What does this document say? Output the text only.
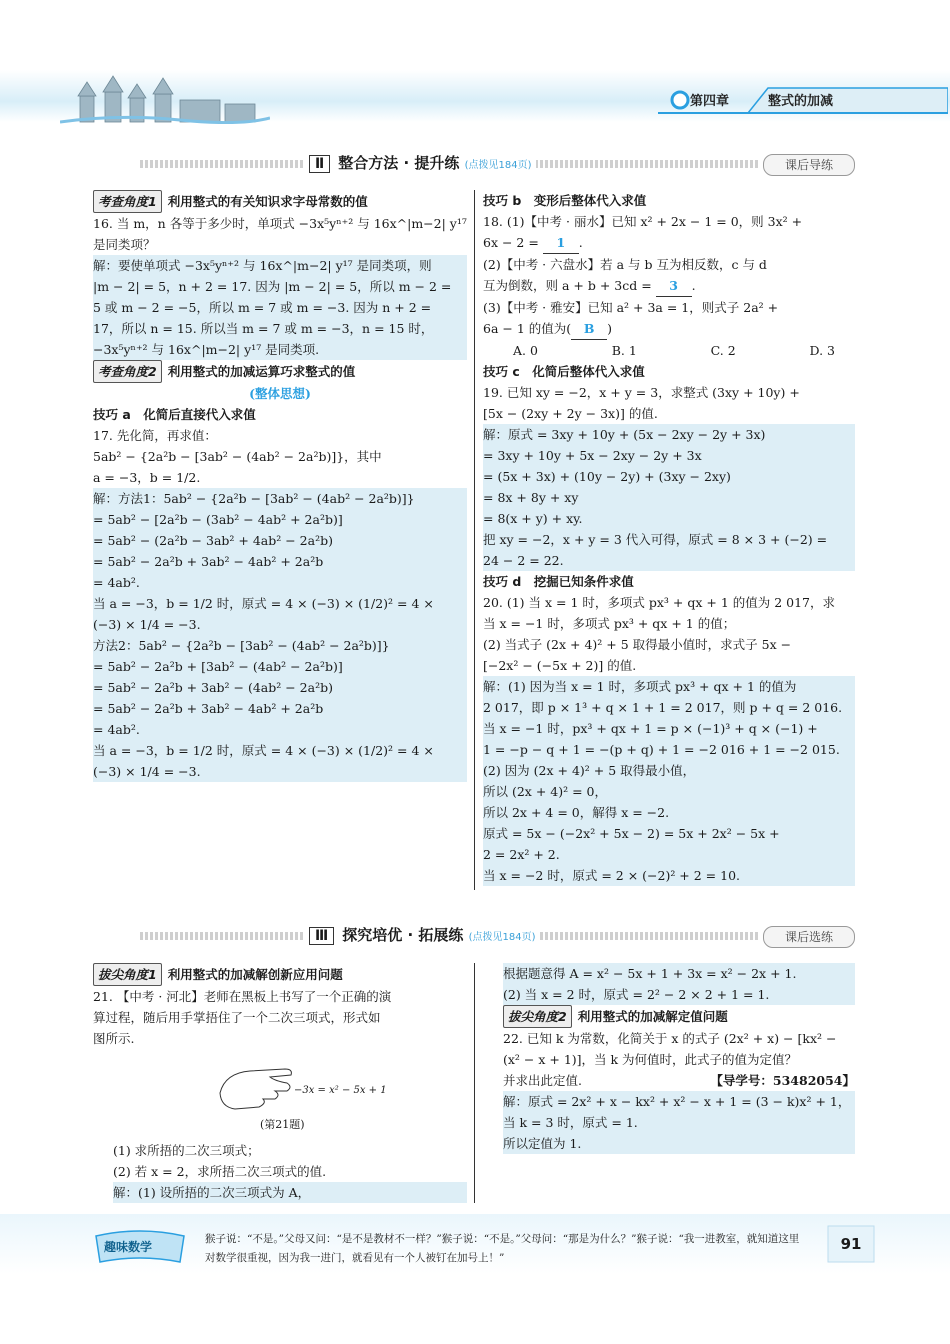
第四章	整式的加减
Ⅱ 整合方法 · 提升练 (点拨见184页)	课后导练
考查角度1 利用整式的有关知识求字母常数的值
16. 当 m，n 各等于多少时，单项式 −3x⁵yⁿ⁺² 与 16x^|m−2| y¹⁷
是同类项？
解：要使单项式 −3x⁵yⁿ⁺² 与 16x^|m−2| y¹⁷ 是同类项，则
|m − 2| = 5，n + 2 = 17. 因为 |m − 2| = 5，所以 m − 2 =
5 或 m − 2 = −5，所以 m = 7 或 m = −3. 因为 n + 2 =
17，所以 n = 15. 所以当 m = 7 或 m = −3，n = 15 时，
−3x⁵yⁿ⁺² 与 16x^|m−2| y¹⁷ 是同类项.
考查角度2 利用整式的加减运算巧求整式的值
(整体思想)
技巧 a　化简后直接代入求值
17. 先化简，再求值：
5ab² − {2a²b − [3ab² − (4ab² − 2a²b)]}，其中
a = −3，b = 1/2.
解：方法1：5ab² − {2a²b − [3ab² − (4ab² − 2a²b)]}
= 5ab² − [2a²b − (3ab² − 4ab² + 2a²b)]
= 5ab² − (2a²b − 3ab² + 4ab² − 2a²b)
= 5ab² − 2a²b + 3ab² − 4ab² + 2a²b
= 4ab².
当 a = −3，b = 1/2 时，原式 = 4 × (−3) × (1/2)² = 4 ×
(−3) × 1/4 = −3.
方法2：5ab² − {2a²b − [3ab² − (4ab² − 2a²b)]}
= 5ab² − 2a²b + [3ab² − (4ab² − 2a²b)]
= 5ab² − 2a²b + 3ab² − (4ab² − 2a²b)
= 5ab² − 2a²b + 3ab² − 4ab² + 2a²b
= 4ab².
当 a = −3，b = 1/2 时，原式 = 4 × (−3) × (1/2)² = 4 ×
(−3) × 1/4 = −3.
技巧 b　变形后整体代入求值
18. (1)【中考 · 丽水】已知 x² + 2x − 1 = 0，则 3x² +
6x − 2 = 1 .
(2)【中考 · 六盘水】若 a 与 b 互为相反数，c 与 d
互为倒数，则 a + b + 3cd = 3 .
(3)【中考 · 雅安】已知 a² + 3a = 1，则式子 2a² +
6a − 1 的值为( B )
A. 0	B. 1	C. 2	D. 3
技巧 c　化简后整体代入求值
19. 已知 xy = −2，x + y = 3，求整式 (3xy + 10y) +
[5x − (2xy + 2y − 3x)] 的值.
解：原式 = 3xy + 10y + (5x − 2xy − 2y + 3x)
= 3xy + 10y + 5x − 2xy − 2y + 3x
= (5x + 3x) + (10y − 2y) + (3xy − 2xy)
= 8x + 8y + xy
= 8(x + y) + xy.
把 xy = −2，x + y = 3 代入可得，原式 = 8 × 3 + (−2) =
24 − 2 = 22.
技巧 d　挖掘已知条件求值
20. (1) 当 x = 1 时，多项式 px³ + qx + 1 的值为 2 017，求
当 x = −1 时，多项式 px³ + qx + 1 的值；
(2) 当式子 (2x + 4)² + 5 取得最小值时，求式子 5x −
[−2x² − (−5x + 2)] 的值.
解：(1) 因为当 x = 1 时，多项式 px³ + qx + 1 的值为
2 017，即 p × 1³ + q × 1 + 1 = 2 017，则 p + q = 2 016.
当 x = −1 时，px³ + qx + 1 = p × (−1)³ + q × (−1) +
1 = −p − q + 1 = −(p + q) + 1 = −2 016 + 1 = −2 015.
(2) 因为 (2x + 4)² + 5 取得最小值，
所以 (2x + 4)² = 0，
所以 2x + 4 = 0，解得 x = −2.
原式 = 5x − (−2x² + 5x − 2) = 5x + 2x² − 5x +
2 = 2x² + 2.
当 x = −2 时，原式 = 2 × (−2)² + 2 = 10.
Ⅲ 探究培优 · 拓展练 (点拨见184页)	课后选练
拔尖角度1 利用整式的加减解创新应用问题
21. 【中考 · 河北】老师在黑板上书写了一个正确的演
算过程，随后用手掌捂住了一个二次三项式，形式如
图所示.
−3x = x² − 5x + 1
(第21题)
(1) 求所捂的二次三项式；
(2) 若 x = 2，求所捂二次三项式的值.
解：(1) 设所捂的二次三项式为 A，
根据题意得 A = x² − 5x + 1 + 3x = x² − 2x + 1.
(2) 当 x = 2 时，原式 = 2² − 2 × 2 + 1 = 1.
拔尖角度2 利用整式的加减解定值问题
22. 已知 k 为常数，化简关于 x 的式子 (2x² + x) − [kx² −
(x² − x + 1)]，当 k 为何值时，此式子的值为定值？
并求出此定值.	【导学号：53482054】
解：原式 = 2x² + x − kx² + x² − x + 1 = (3 − k)x² + 1，
当 k = 3 时，原式 = 1.
所以定值为 1.
趣味数学
猴子说：“不是。”父母又问：“是不是教材不一样？”猴子说：“不是。”父母问：“那是为什么？”猴子说：“我一进教室，就知道这里对数学很重视，因为我一进门，就看见有一个人被钉在加号上！”
91
